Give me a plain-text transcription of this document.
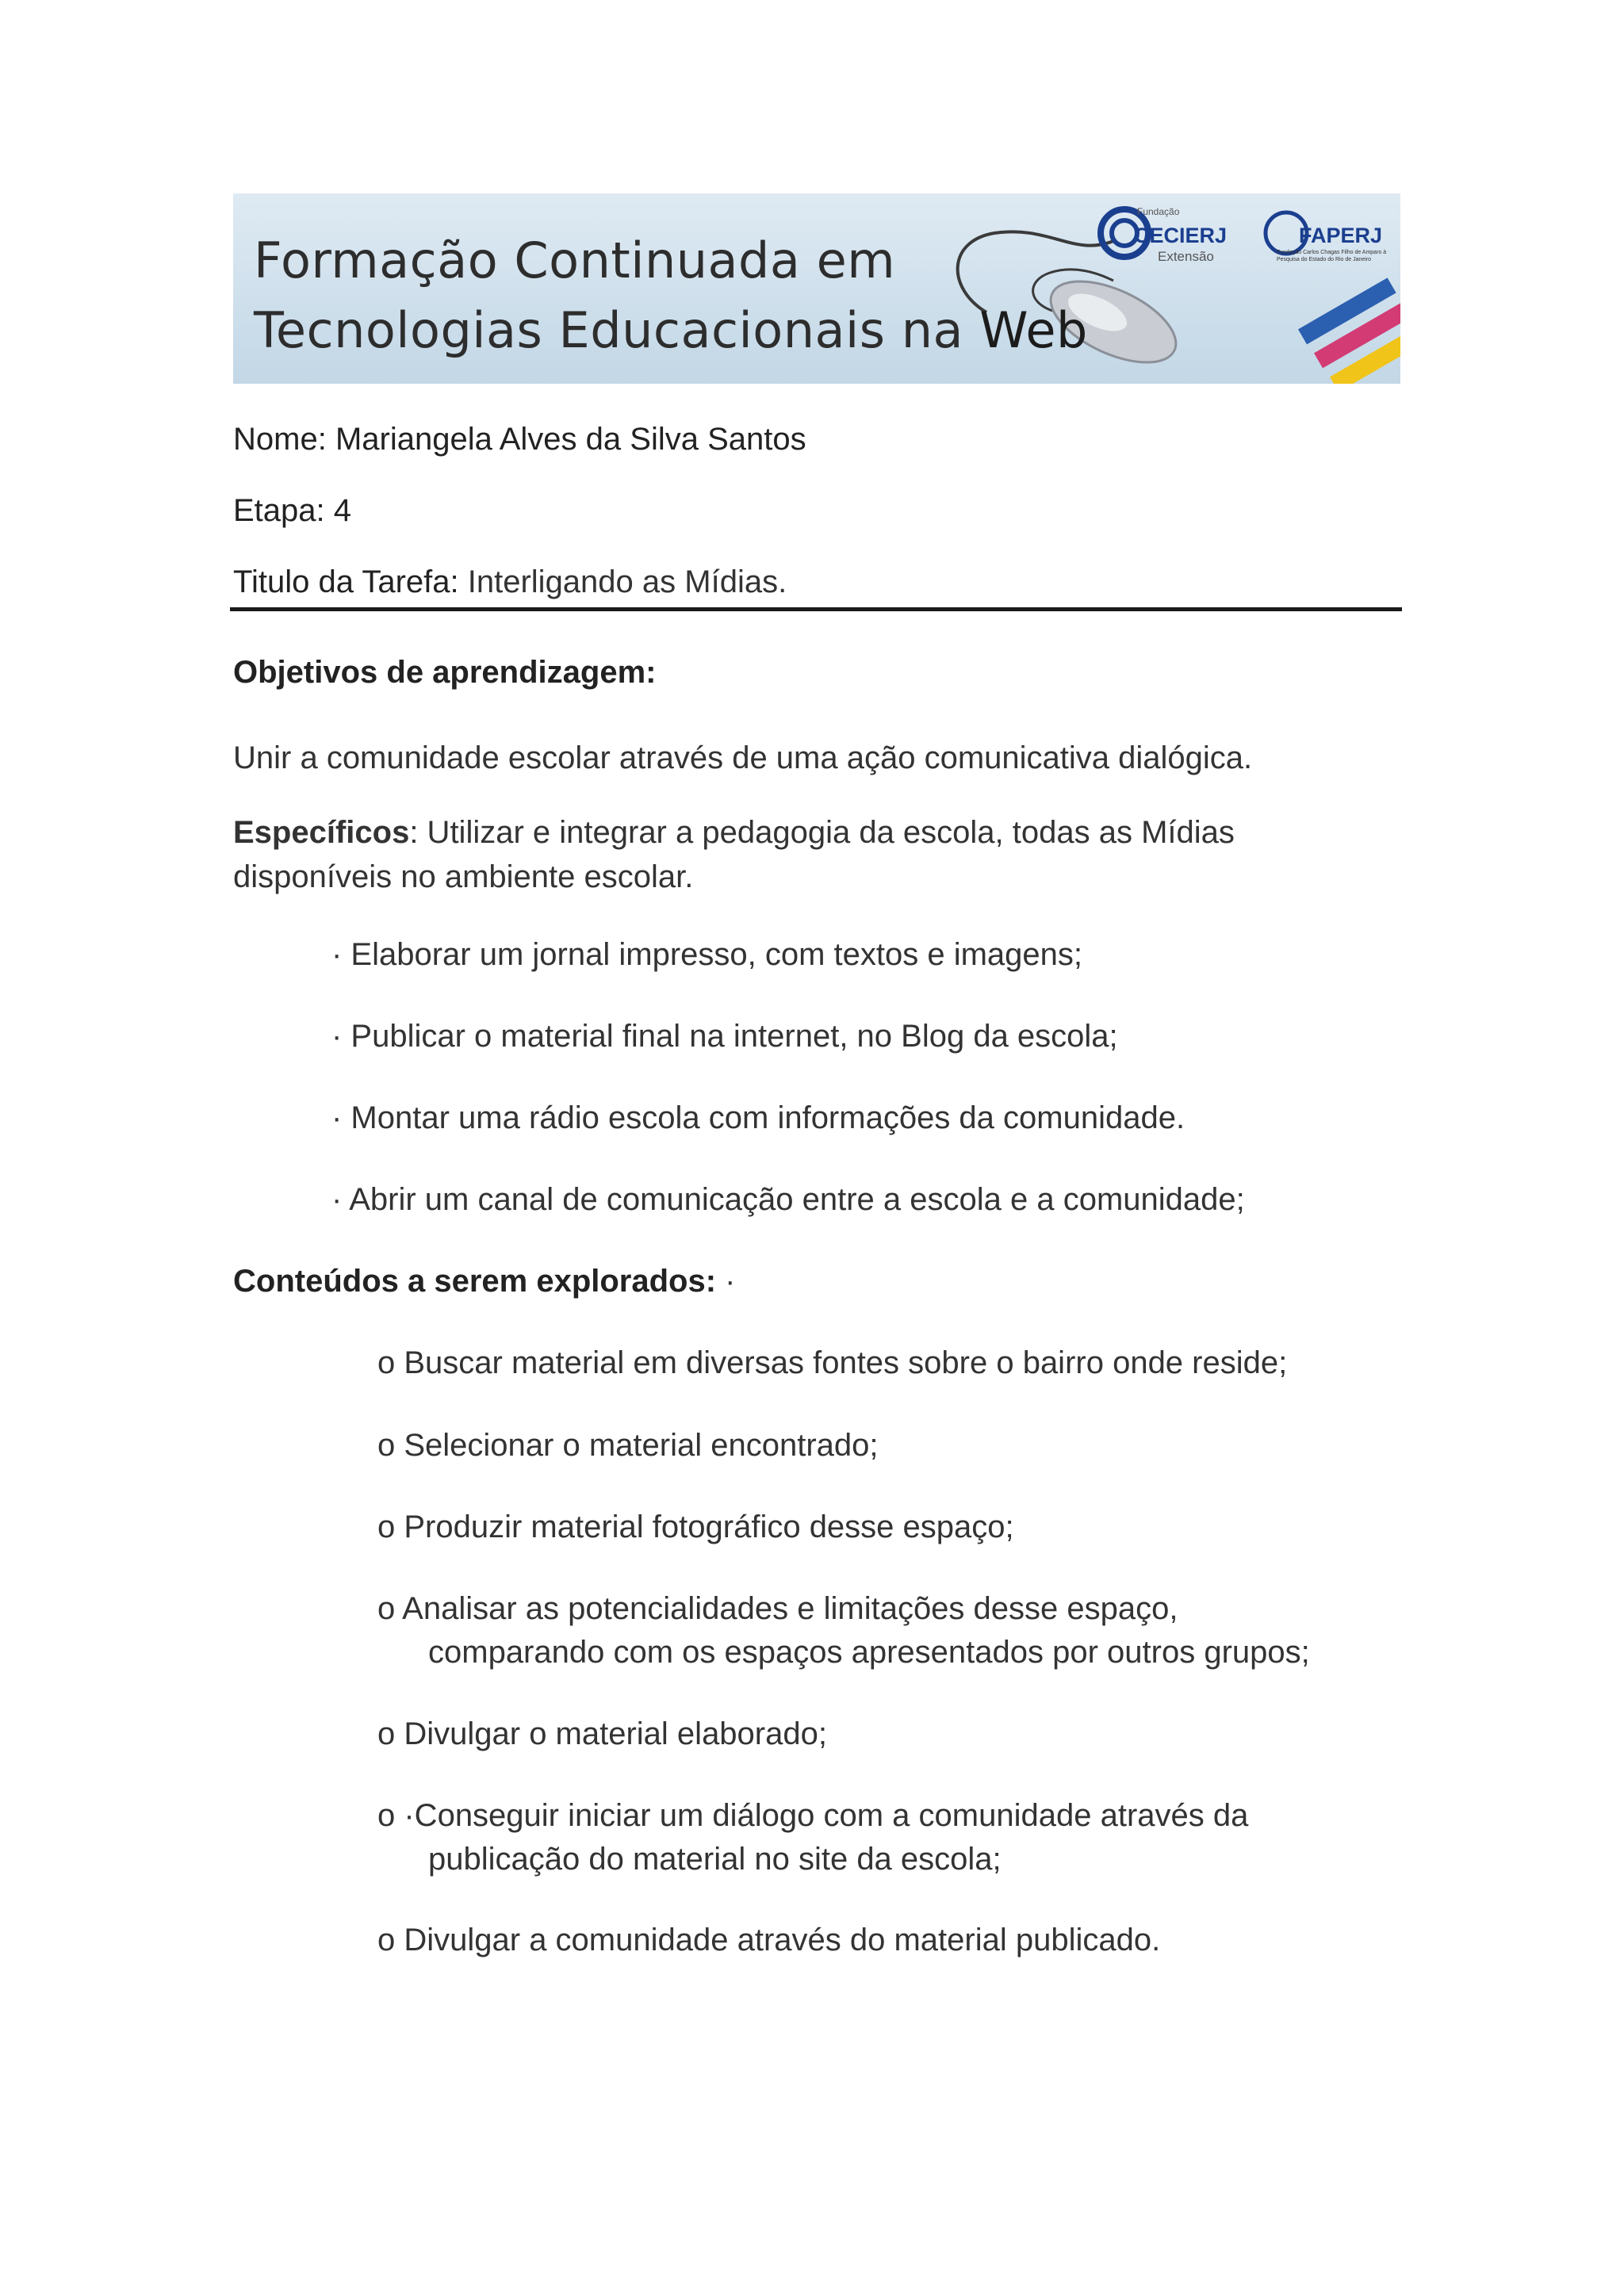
Formação Continuada em
Tecnologias Educacionais na Web
Fundação
CECIERJ
Extensão
FAPERJ
Fundação Carlos Chagas Filho de Amparo à Pesquisa do Estado do Rio de Janeiro
Nome: Mariangela Alves da Silva Santos
Etapa: 4
Titulo da Tarefa: Interligando as Mídias.
Objetivos de aprendizagem:
Unir a comunidade escolar através de uma ação comunicativa dialógica.
Específicos: Utilizar e integrar a pedagogia da escola, todas as Mídias disponíveis no ambiente escolar.
· Elaborar um jornal impresso, com textos e imagens;
· Publicar o material final na internet, no Blog da escola;
· Montar uma rádio escola com informações da comunidade.
· Abrir um canal de comunicação entre a escola e a comunidade;
Conteúdos a serem explorados: ·
o Buscar material em diversas fontes sobre o bairro onde reside;
o Selecionar o material encontrado;
o Produzir material fotográfico desse espaço;
o Analisar as potencialidades e limitações desse espaço,
comparando com os espaços apresentados por outros grupos;
o Divulgar o material elaborado;
o ·Conseguir iniciar um diálogo com a comunidade através da
publicação do material no site da escola;
o Divulgar a comunidade através do material publicado.
